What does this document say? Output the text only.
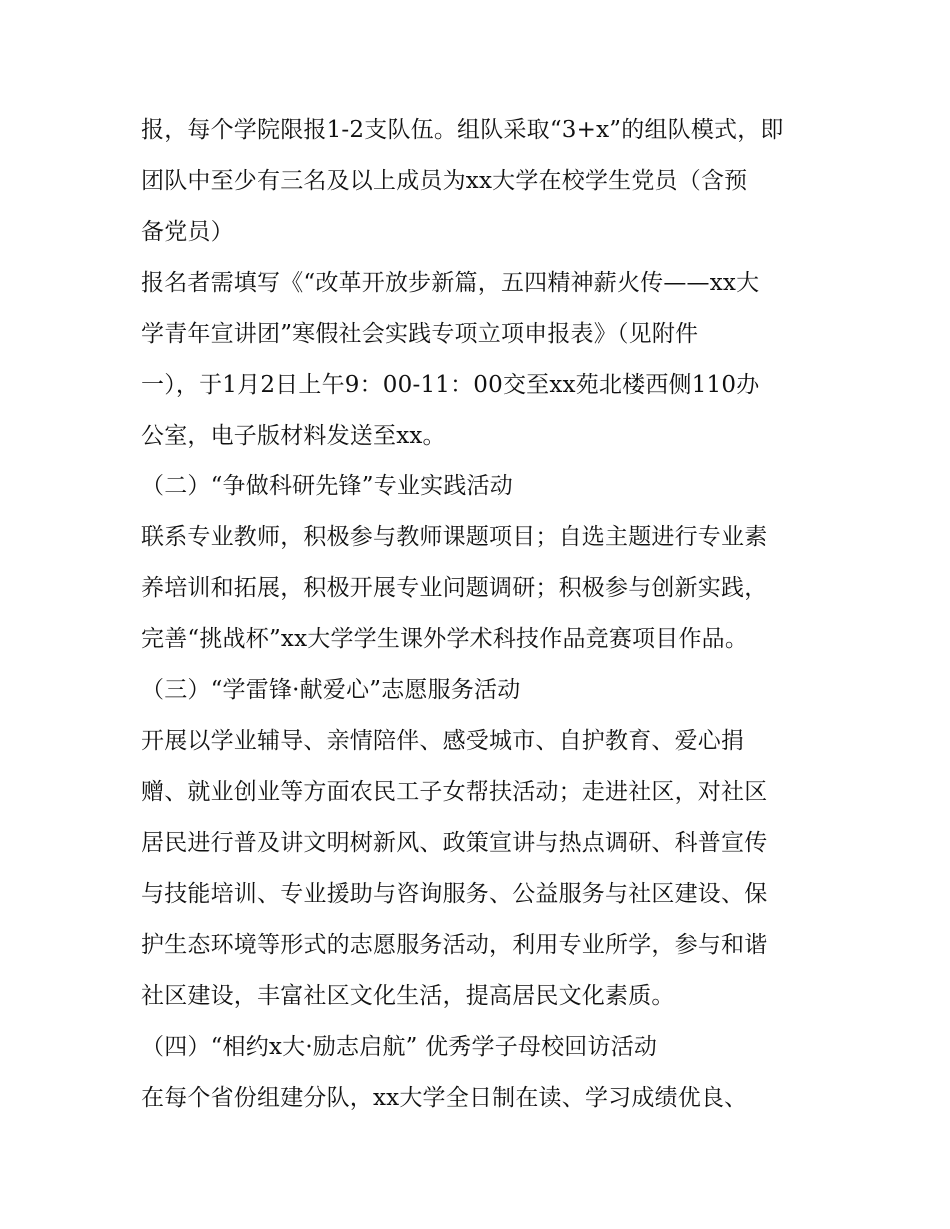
报，每个学院限报1-2支队伍。组队采取“3+x”的组队模式，即
团队中至少有三名及以上成员为xx大学在校学生党员（含预
备党员）
报名者需填写《“改革开放步新篇，五四精神薪火传——xx大
学青年宣讲团”寒假社会实践专项立项申报表》（见附件
一），于1月2日上午9：00-11：00交至xx苑北楼西侧110办
公室，电子版材料发送至xx。
（二）“争做科研先锋”专业实践活动
联系专业教师，积极参与教师课题项目；自选主题进行专业素
养培训和拓展，积极开展专业问题调研；积极参与创新实践，
完善“挑战杯”xx大学学生课外学术科技作品竞赛项目作品。
（三）“学雷锋·献爱心”志愿服务活动
开展以学业辅导、亲情陪伴、感受城市、自护教育、爱心捐
赠、就业创业等方面农民工子女帮扶活动；走进社区，对社区
居民进行普及讲文明树新风、政策宣讲与热点调研、科普宣传
与技能培训、专业援助与咨询服务、公益服务与社区建设、保
护生态环境等形式的志愿服务活动，利用专业所学，参与和谐
社区建设，丰富社区文化生活，提高居民文化素质。
（四）“相约x大·励志启航” 优秀学子母校回访活动
在每个省份组建分队，xx大学全日制在读、学习成绩优良、
